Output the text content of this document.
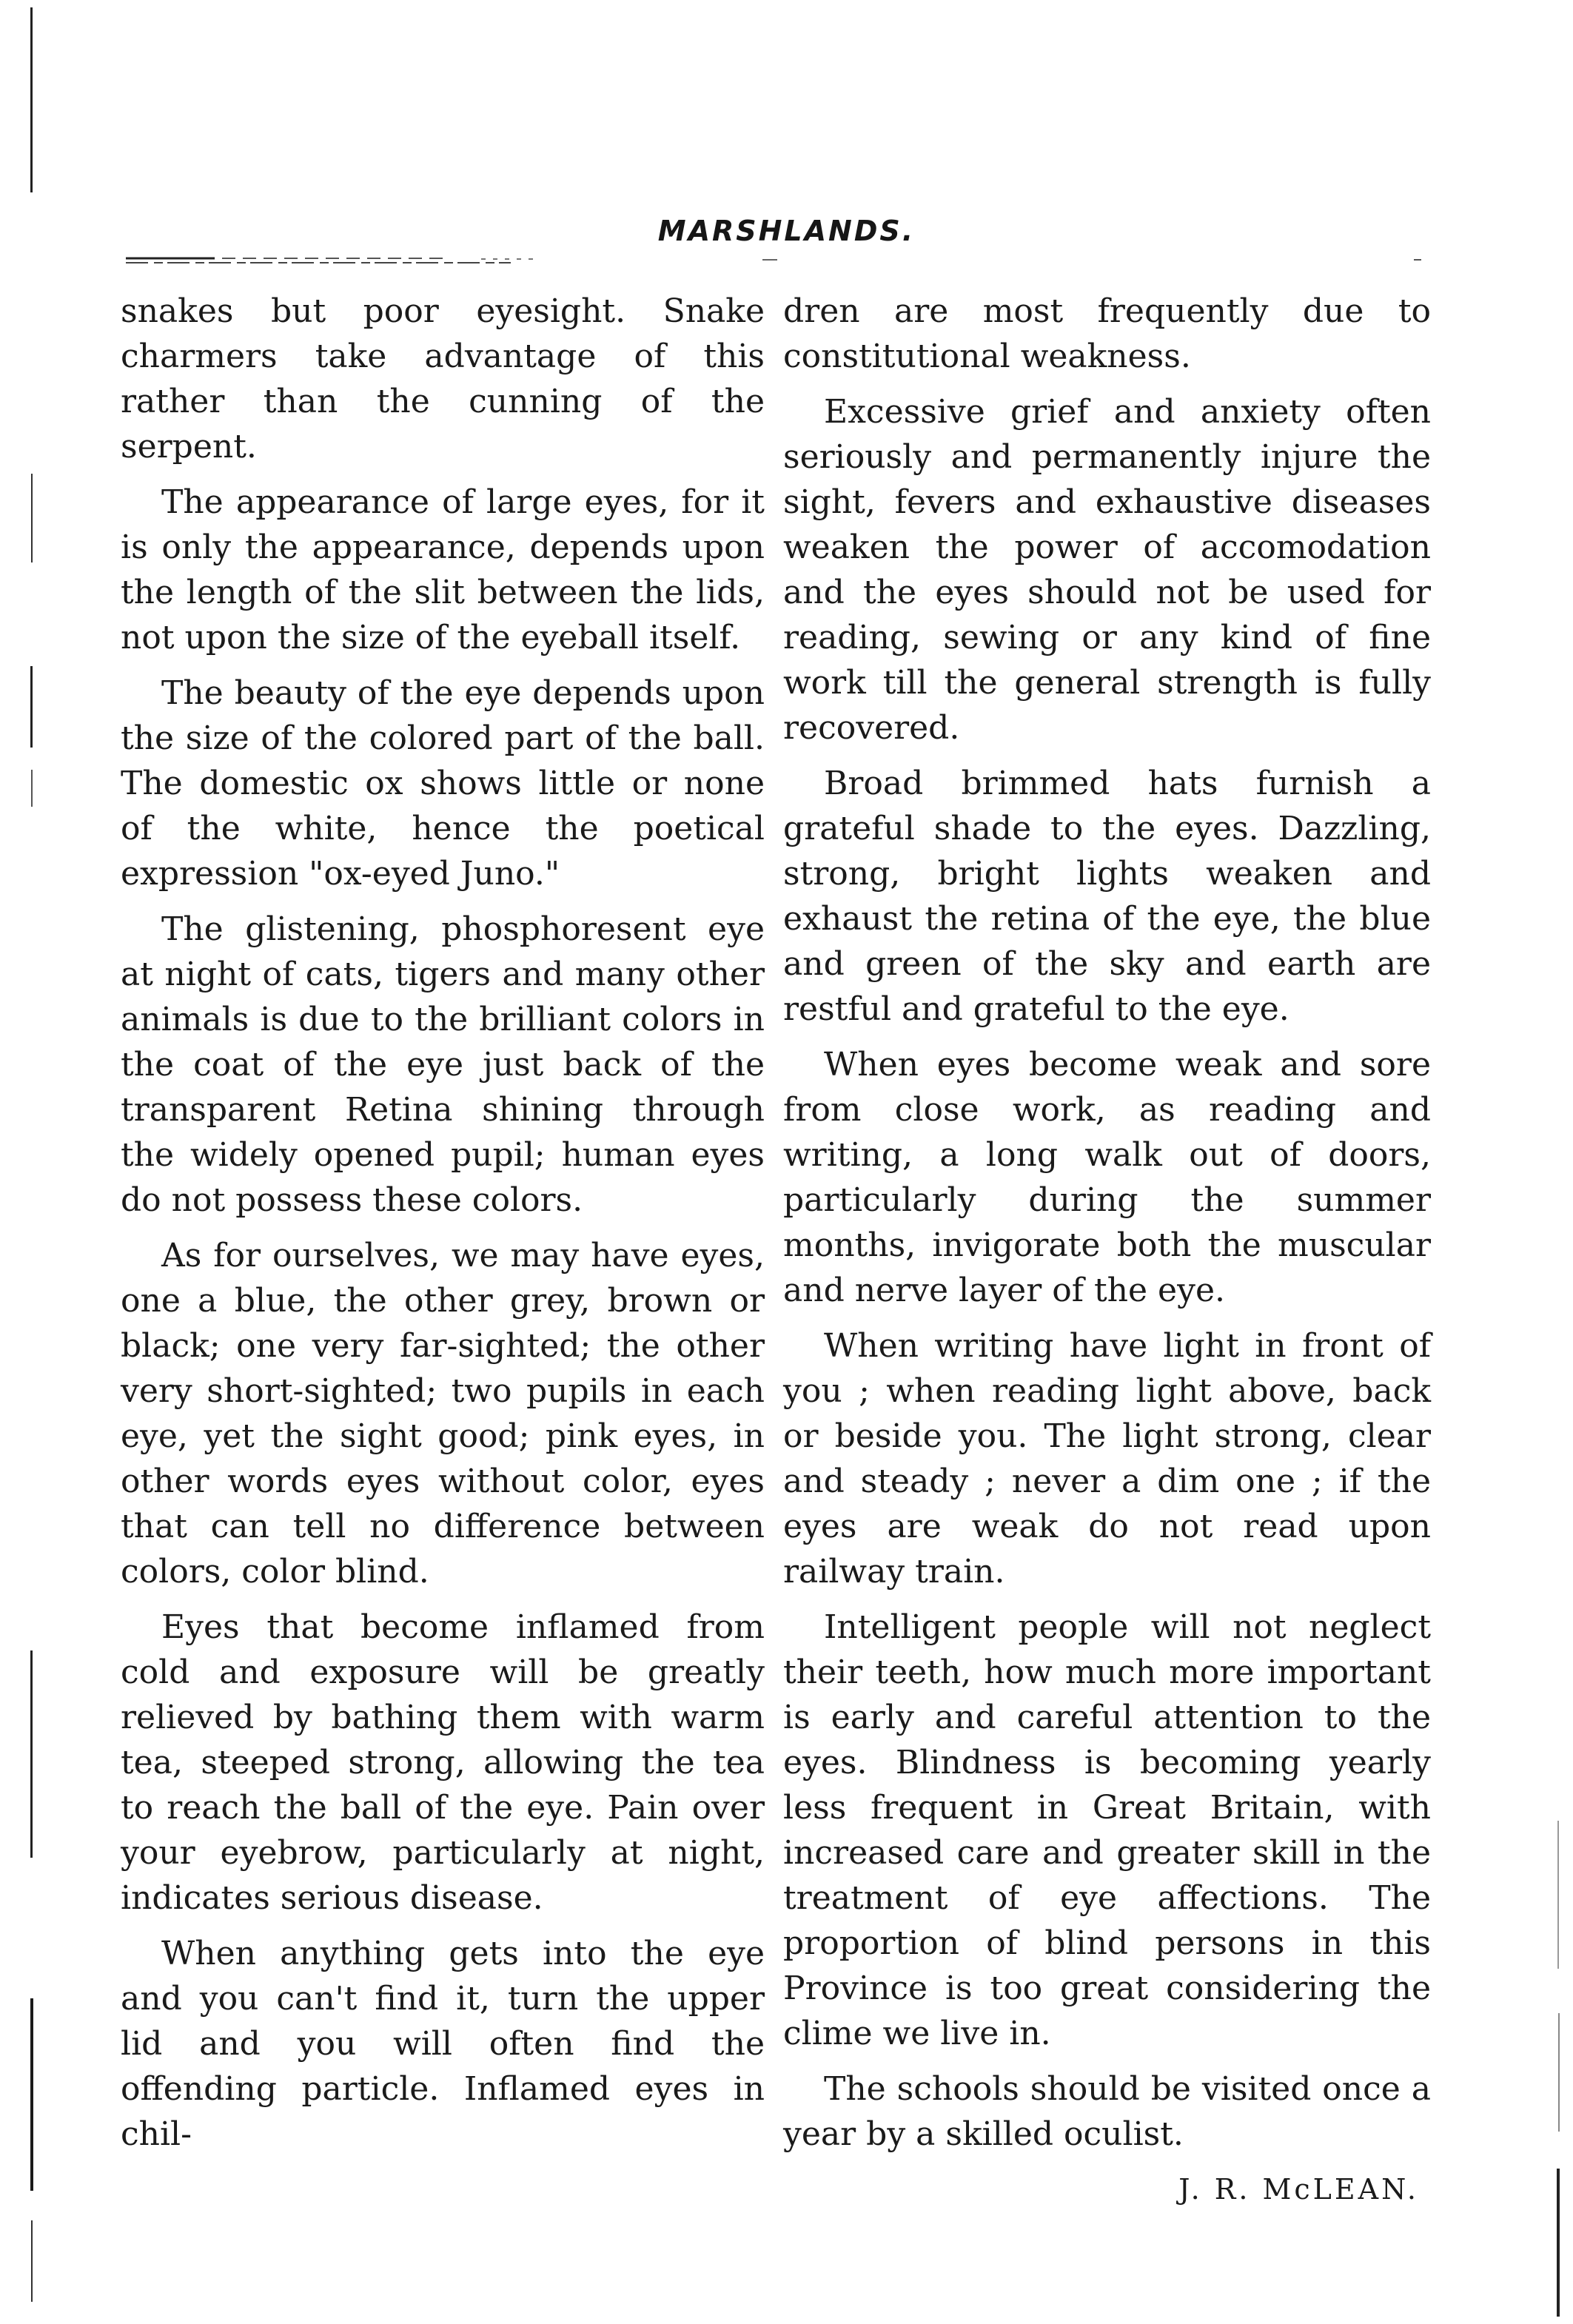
MARSHLANDS.

snakes but poor eyesight. Snake charmers take advantage of this rather than the cunning of the serpent.

The appearance of large eyes, for it is only the appearance, depends upon the length of the slit between the lids, not upon the size of the eyeball itself.

The beauty of the eye depends upon the size of the colored part of the ball. The domestic ox shows little or none of the white, hence the poetical expression "ox-eyed Juno."

The glistening, phosphoresent eye at night of cats, tigers and many other animals is due to the brilliant colors in the coat of the eye just back of the transparent Retina shining through the widely opened pupil; human eyes do not possess these colors.

As for ourselves, we may have eyes, one a blue, the other grey, brown or black; one very far-sighted; the other very short-sighted; two pupils in each eye, yet the sight good; pink eyes, in other words eyes without color, eyes that can tell no difference between colors, color blind.

Eyes that become inflamed from cold and exposure will be greatly relieved by bathing them with warm tea, steeped strong, allowing the tea to reach the ball of the eye. Pain over your eyebrow, particularly at night, indicates serious disease.

When anything gets into the eye and you can't find it, turn the upper lid and you will often find the offending particle. Inflamed eyes in chil-

dren are most frequently due to constitutional weakness.

Excessive grief and anxiety often seriously and permanently injure the sight, fevers and exhaustive diseases weaken the power of accomodation and the eyes should not be used for reading, sewing or any kind of fine work till the general strength is fully recovered.

Broad brimmed hats furnish a grateful shade to the eyes. Dazzling, strong, bright lights weaken and exhaust the retina of the eye, the blue and green of the sky and earth are restful and grateful to the eye.

When eyes become weak and sore from close work, as reading and writing, a long walk out of doors, particularly during the summer months, invigorate both the muscular and nerve layer of the eye.

When writing have light in front of you ; when reading light above, back or beside you. The light strong, clear and steady ; never a dim one ; if the eyes are weak do not read upon railway train.

Intelligent people will not neglect their teeth, how much more important is early and careful attention to the eyes. Blindness is becoming yearly less frequent in Great Britain, with increased care and greater skill in the treatment of eye affections. The proportion of blind persons in this Province is too great considering the clime we live in.

The schools should be visited once a year by a skilled oculist.

J. R. McLEAN.
